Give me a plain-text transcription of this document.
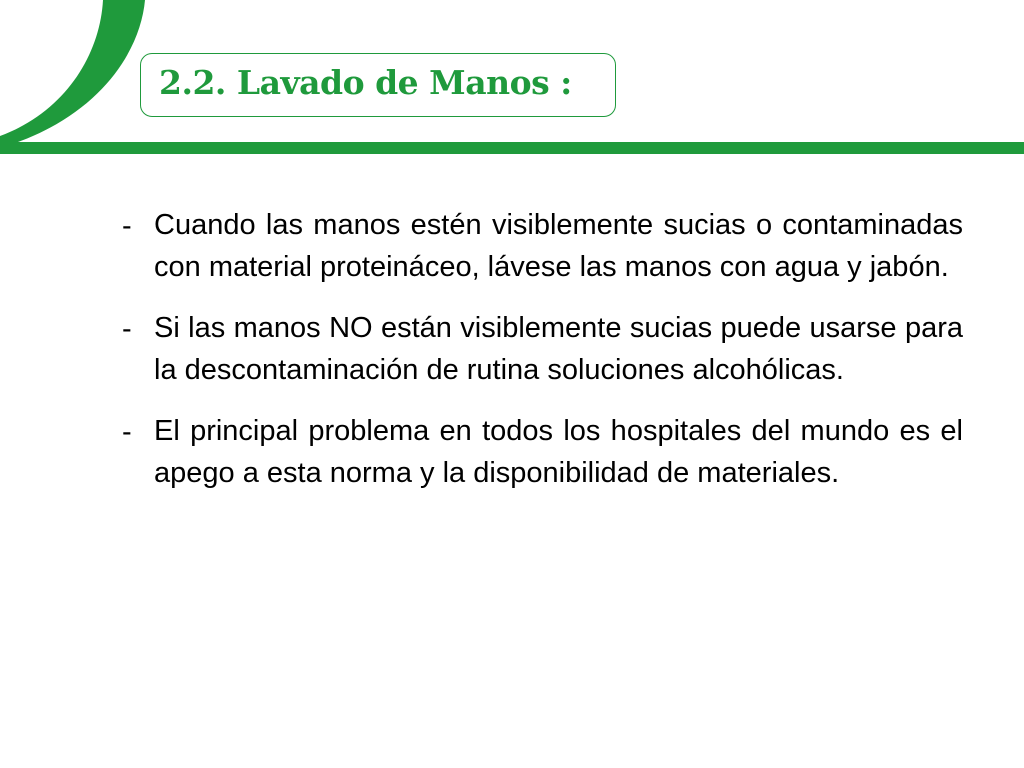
2.2. Lavado de Manos :
- Cuando las manos estén visiblemente sucias o contaminadas con material proteináceo, lávese las manos con agua y jabón.
- Si las manos NO están visiblemente sucias puede usarse para la descontaminación de rutina soluciones alcohólicas.
- El principal problema en todos los hospitales del mundo es el apego a esta norma y la disponibilidad de materiales.
